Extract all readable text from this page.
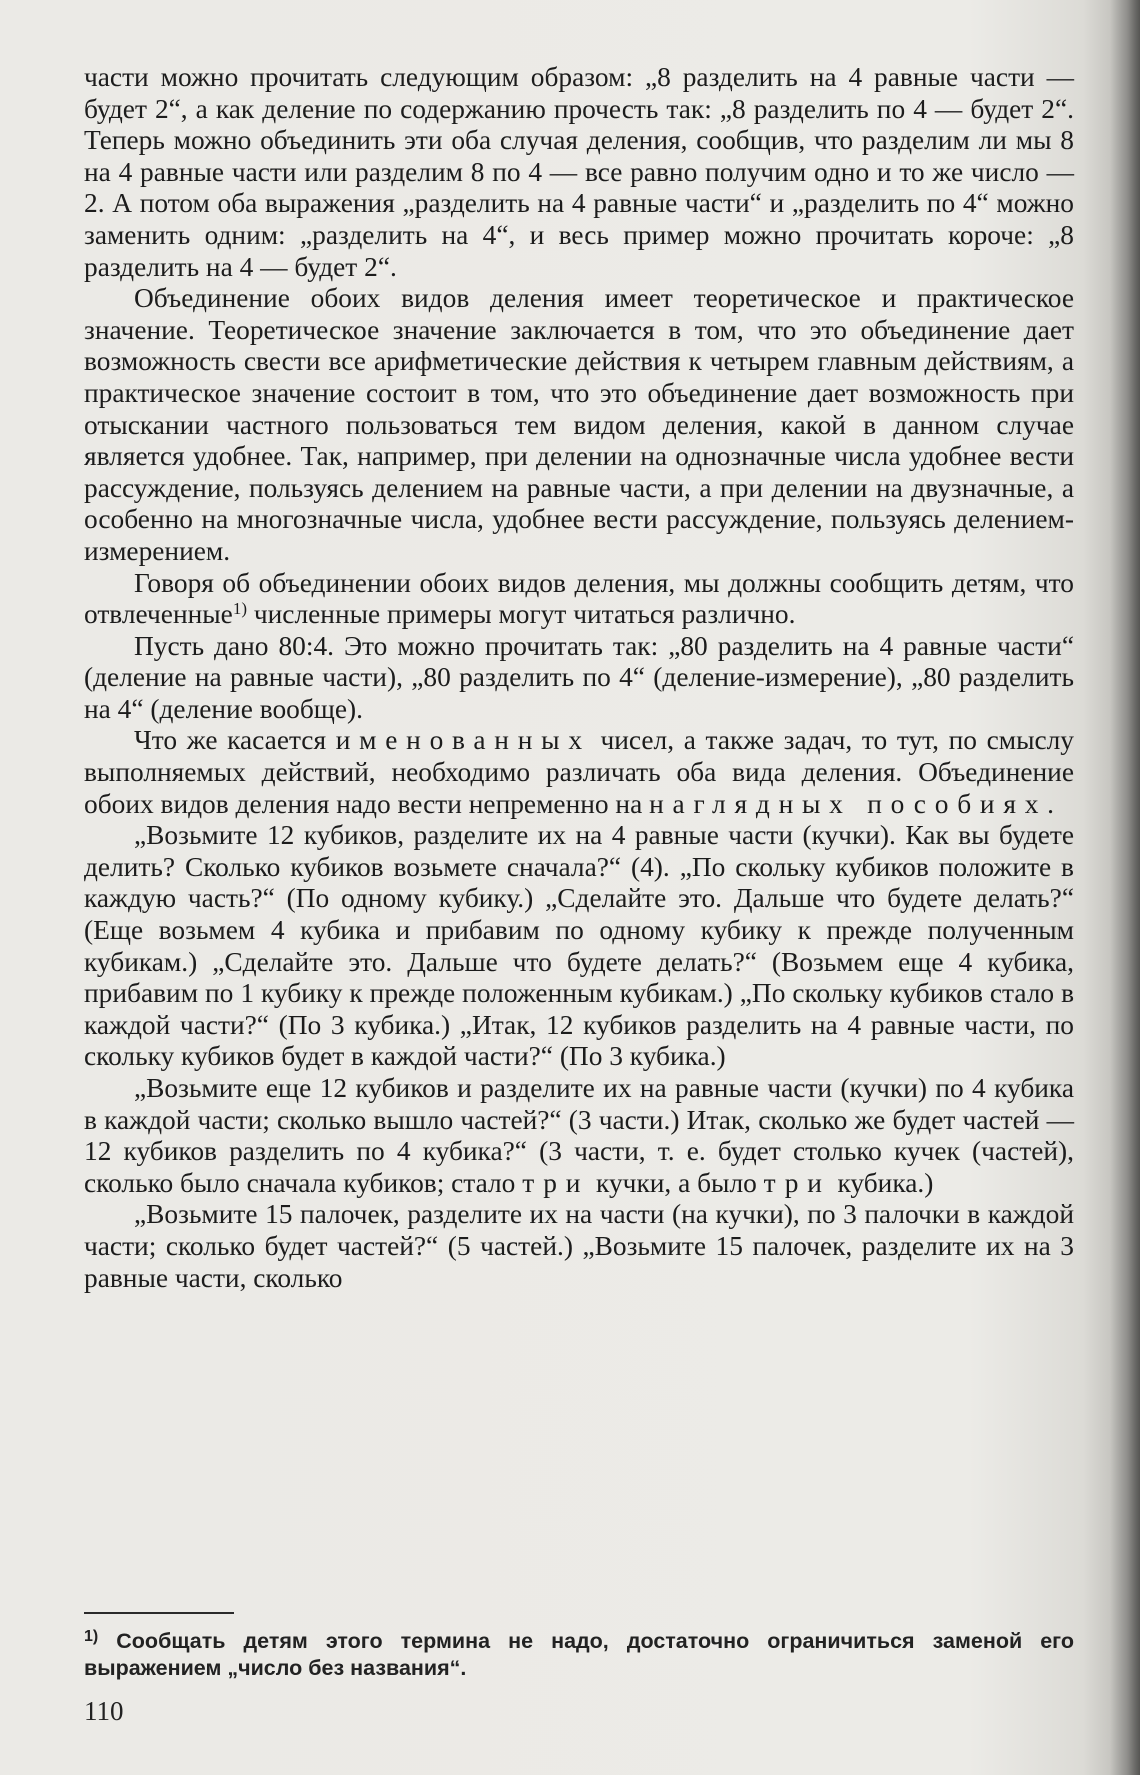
части можно прочитать следующим образом: „8 разделить на 4 равные части — будет 2“, а как деление по содержанию прочесть так: „8 разделить по 4 — будет 2“. Теперь можно объединить эти оба случая деления, сообщив, что разделим ли мы 8 на 4 равные части или разделим 8 по 4 — все равно получим одно и то же число — 2. А потом оба выражения „разделить на 4 равные части“ и „разделить по 4“ можно заменить одним: „разделить на 4“, и весь пример можно прочитать короче: „8 разделить на 4 — будет 2“.

Объединение обоих видов деления имеет теоретическое и практическое значение. Теоретическое значение заключается в том, что это объединение дает возможность свести все арифметические действия к четырем главным действиям, а практическое значение состоит в том, что это объединение дает возможность при отыскании частного пользоваться тем видом деления, какой в данном случае является удобнее. Так, например, при делении на однозначные числа удобнее вести рассуждение, пользуясь делением на равные части, а при делении на двузначные, а особенно на многозначные числа, удобнее вести рассуждение, пользуясь делением-измерением.

Говоря об объединении обоих видов деления, мы должны сообщить детям, что отвлеченные$^{1)}$ численные примеры могут читаться различно.

Пусть дано 80:4. Это можно прочитать так: „80 разделить на 4 равные части“ (деление на равные части), „80 разделить по 4“ (деление-измерение), „80 разделить на 4“ (деление вообще).

Что же касается именованных чисел, а также задач, то тут, по смыслу выполняемых действий, необходимо различать оба вида деления. Объединение обоих видов деления надо вести непременно на наглядных пособиях.

„Возьмите 12 кубиков, разделите их на 4 равные части (кучки). Как вы будете делить? Сколько кубиков возьмете сначала?“ (4). „По скольку кубиков положите в каждую часть?“ (По одному кубику.) „Сделайте это. Дальше что будете делать?“ (Еще возьмем 4 кубика и прибавим по одному кубику к прежде полученным кубикам.) „Сделайте это. Дальше что будете делать?“ (Возьмем еще 4 кубика, прибавим по 1 кубику к прежде положенным кубикам.) „По скольку кубиков стало в каждой части?“ (По 3 кубика.) „Итак, 12 кубиков разделить на 4 равные части, по скольку кубиков будет в каждой части?“ (По 3 кубика.)

„Возьмите еще 12 кубиков и разделите их на равные части (кучки) по 4 кубика в каждой части; сколько вышло частей?“ (3 части.) Итак, сколько же будет частей — 12 кубиков разделить по 4 кубика?“ (3 части, т. е. будет столько кучек (частей), сколько было сначала кубиков; стало три кучки, а было три кубика.)

„Возьмите 15 палочек, разделите их на части (на кучки), по 3 палочки в каждой части; сколько будет частей?“ (5 частей.) „Возьмите 15 палочек, разделите их на 3 равные части, сколько

$^{1)}$ Сообщать детям этого термина не надо, достаточно ограничиться заменой его выражением „число без названия“.
110
